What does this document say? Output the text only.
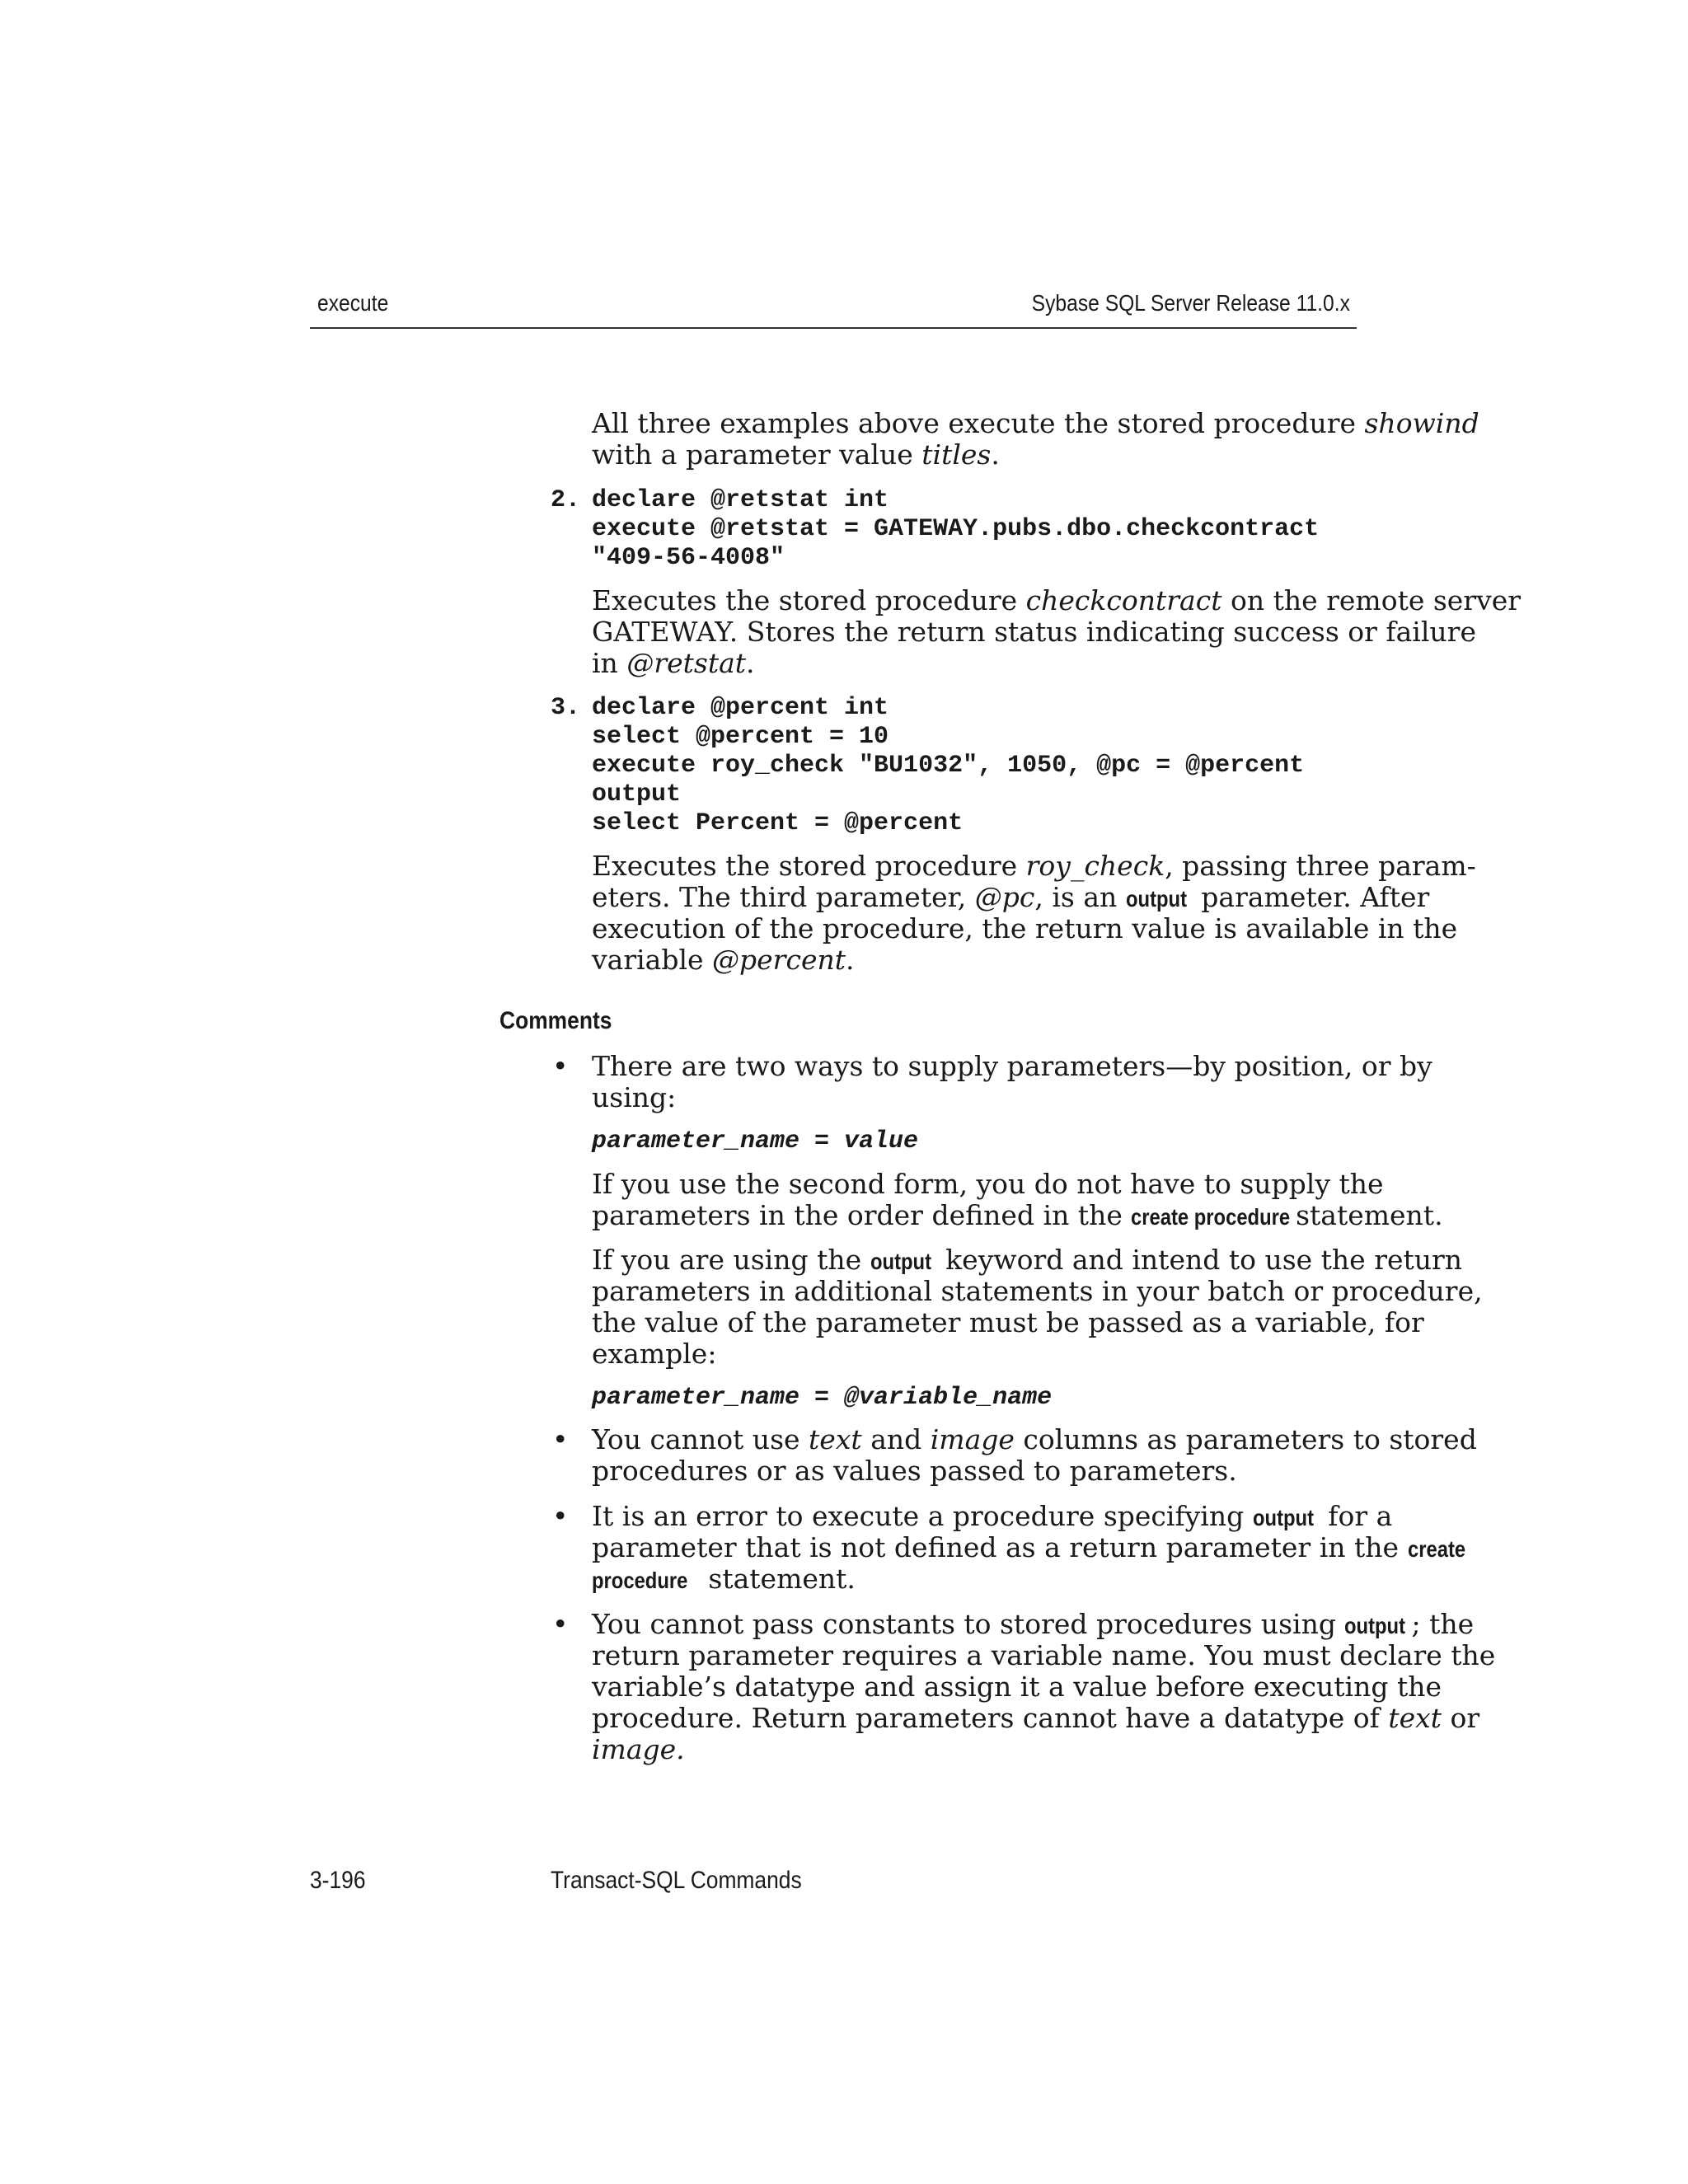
execute	Sybase SQL Server Release 11.0.x
All three examples above execute the stored procedure showind
with a parameter value titles.
2. declare @retstat int
execute @retstat = GATEWAY.pubs.dbo.checkcontract
"409-56-4008"
Executes the stored procedure checkcontract on the remote server
GATEWAY. Stores the return status indicating success or failure
in @retstat.
3. declare @percent int
select @percent = 10
execute roy_check "BU1032", 1050, @pc = @percent
output
select Percent = @percent
Executes the stored procedure roy_check, passing three param-
eters. The third parameter, @pc, is an output parameter. After
execution of the procedure, the return value is available in the
variable @percent.
Comments
• There are two ways to supply parameters—by position, or by
using:
parameter_name = value
If you use the second form, you do not have to supply the
parameters in the order defined in the create procedure statement.
If you are using the output keyword and intend to use the return
parameters in additional statements in your batch or procedure,
the value of the parameter must be passed as a variable, for
example:
parameter_name = @variable_name
• You cannot use text and image columns as parameters to stored
procedures or as values passed to parameters.
• It is an error to execute a procedure specifying output for a
parameter that is not defined as a return parameter in the create
procedure statement.
• You cannot pass constants to stored procedures using output ; the
return parameter requires a variable name. You must declare the
variable’s datatype and assign it a value before executing the
procedure. Return parameters cannot have a datatype of text or
image.
3-196	Transact-SQL Commands
